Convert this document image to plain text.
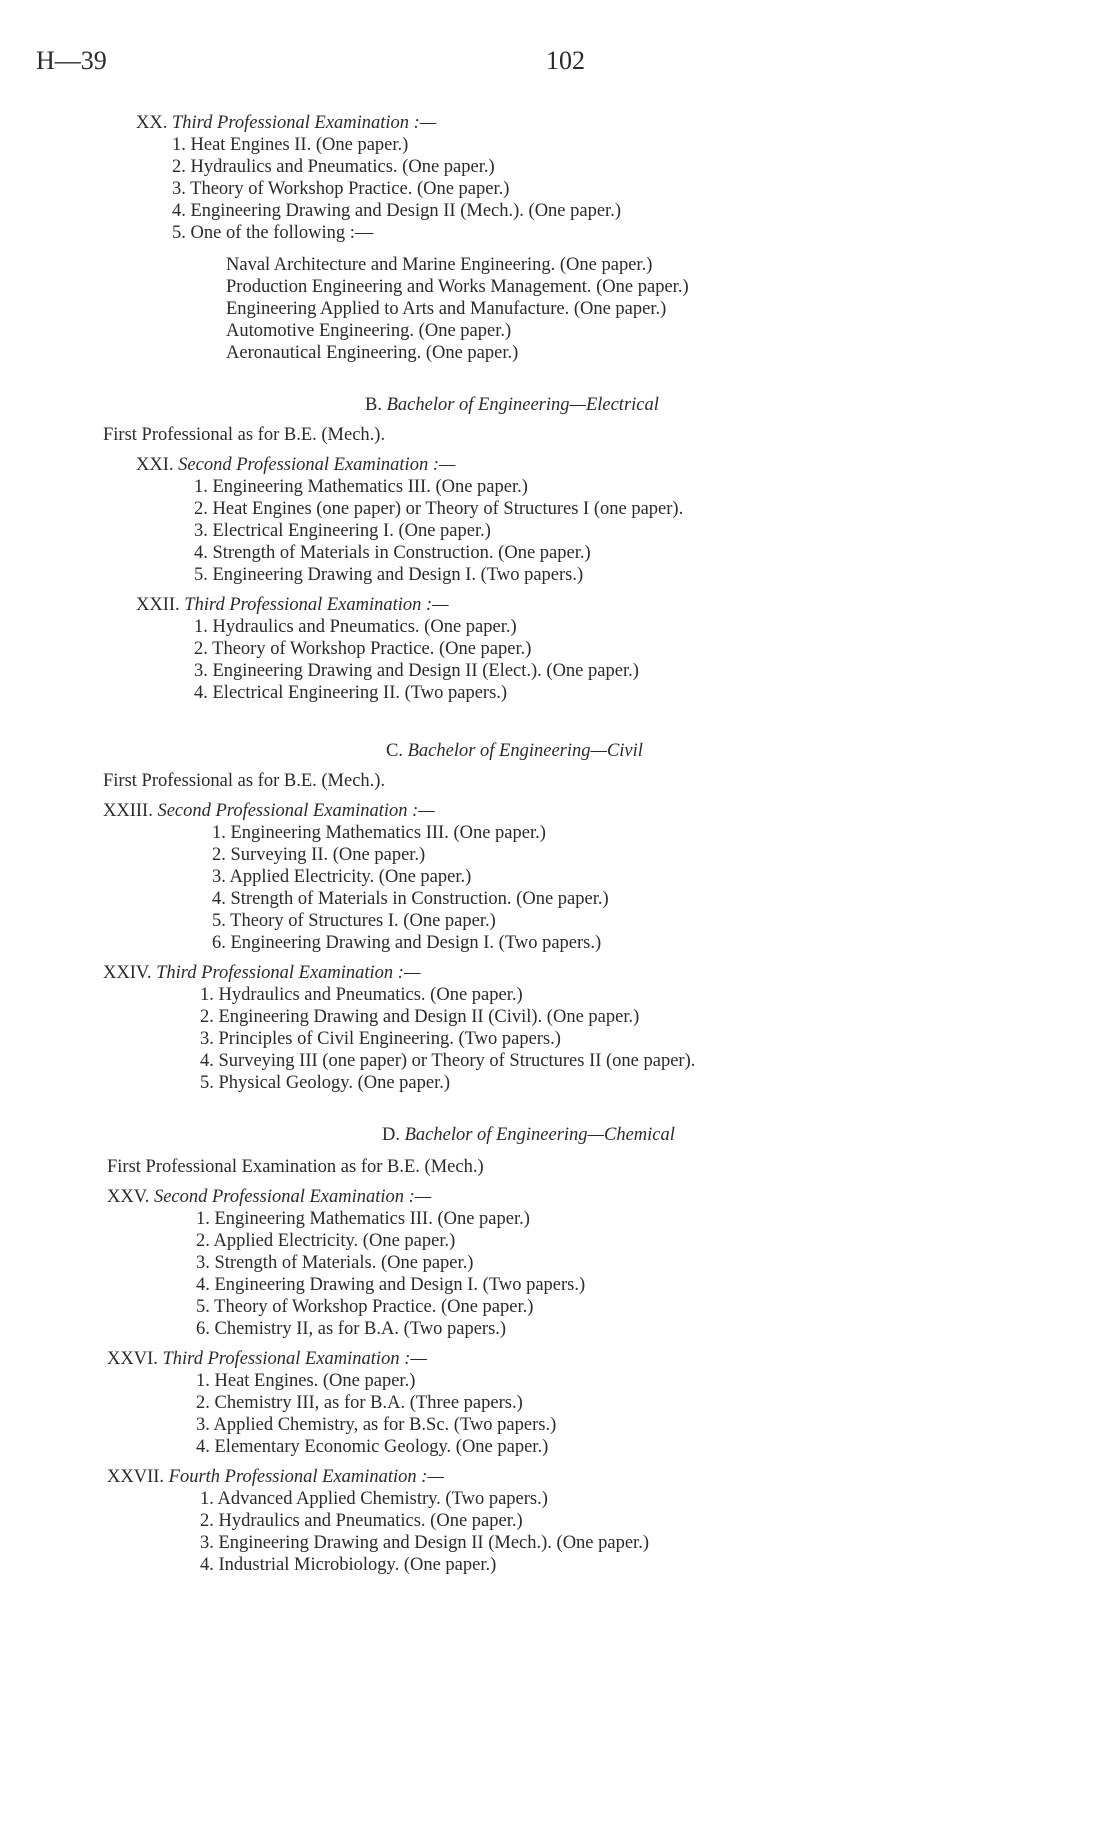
H—39	102
XX. Third Professional Examination :—
1. Heat Engines II. (One paper.)
2. Hydraulics and Pneumatics. (One paper.)
3. Theory of Workshop Practice. (One paper.)
4. Engineering Drawing and Design II (Mech.). (One paper.)
5. One of the following :—
Naval Architecture and Marine Engineering. (One paper.)
Production Engineering and Works Management. (One paper.)
Engineering Applied to Arts and Manufacture. (One paper.)
Automotive Engineering. (One paper.)
Aeronautical Engineering. (One paper.)
B. Bachelor of Engineering—Electrical
First Professional as for B.E. (Mech.).
XXI. Second Professional Examination :—
1. Engineering Mathematics III. (One paper.)
2. Heat Engines (one paper) or Theory of Structures I (one paper).
3. Electrical Engineering I. (One paper.)
4. Strength of Materials in Construction. (One paper.)
5. Engineering Drawing and Design I. (Two papers.)
XXII. Third Professional Examination :—
1. Hydraulics and Pneumatics. (One paper.)
2. Theory of Workshop Practice. (One paper.)
3. Engineering Drawing and Design II (Elect.). (One paper.)
4. Electrical Engineering II. (Two papers.)
C. Bachelor of Engineering—Civil
First Professional as for B.E. (Mech.).
XXIII. Second Professional Examination :—
1. Engineering Mathematics III. (One paper.)
2. Surveying II. (One paper.)
3. Applied Electricity. (One paper.)
4. Strength of Materials in Construction. (One paper.)
5. Theory of Structures I. (One paper.)
6. Engineering Drawing and Design I. (Two papers.)
XXIV. Third Professional Examination :—
1. Hydraulics and Pneumatics. (One paper.)
2. Engineering Drawing and Design II (Civil). (One paper.)
3. Principles of Civil Engineering. (Two papers.)
4. Surveying III (one paper) or Theory of Structures II (one paper).
5. Physical Geology. (One paper.)
D. Bachelor of Engineering—Chemical
First Professional Examination as for B.E. (Mech.)
XXV. Second Professional Examination :—
1. Engineering Mathematics III. (One paper.)
2. Applied Electricity. (One paper.)
3. Strength of Materials. (One paper.)
4. Engineering Drawing and Design I. (Two papers.)
5. Theory of Workshop Practice. (One paper.)
6. Chemistry II, as for B.A. (Two papers.)
XXVI. Third Professional Examination :—
1. Heat Engines. (One paper.)
2. Chemistry III, as for B.A. (Three papers.)
3. Applied Chemistry, as for B.Sc. (Two papers.)
4. Elementary Economic Geology. (One paper.)
XXVII. Fourth Professional Examination :—
1. Advanced Applied Chemistry. (Two papers.)
2. Hydraulics and Pneumatics. (One paper.)
3. Engineering Drawing and Design II (Mech.). (One paper.)
4. Industrial Microbiology. (One paper.)
